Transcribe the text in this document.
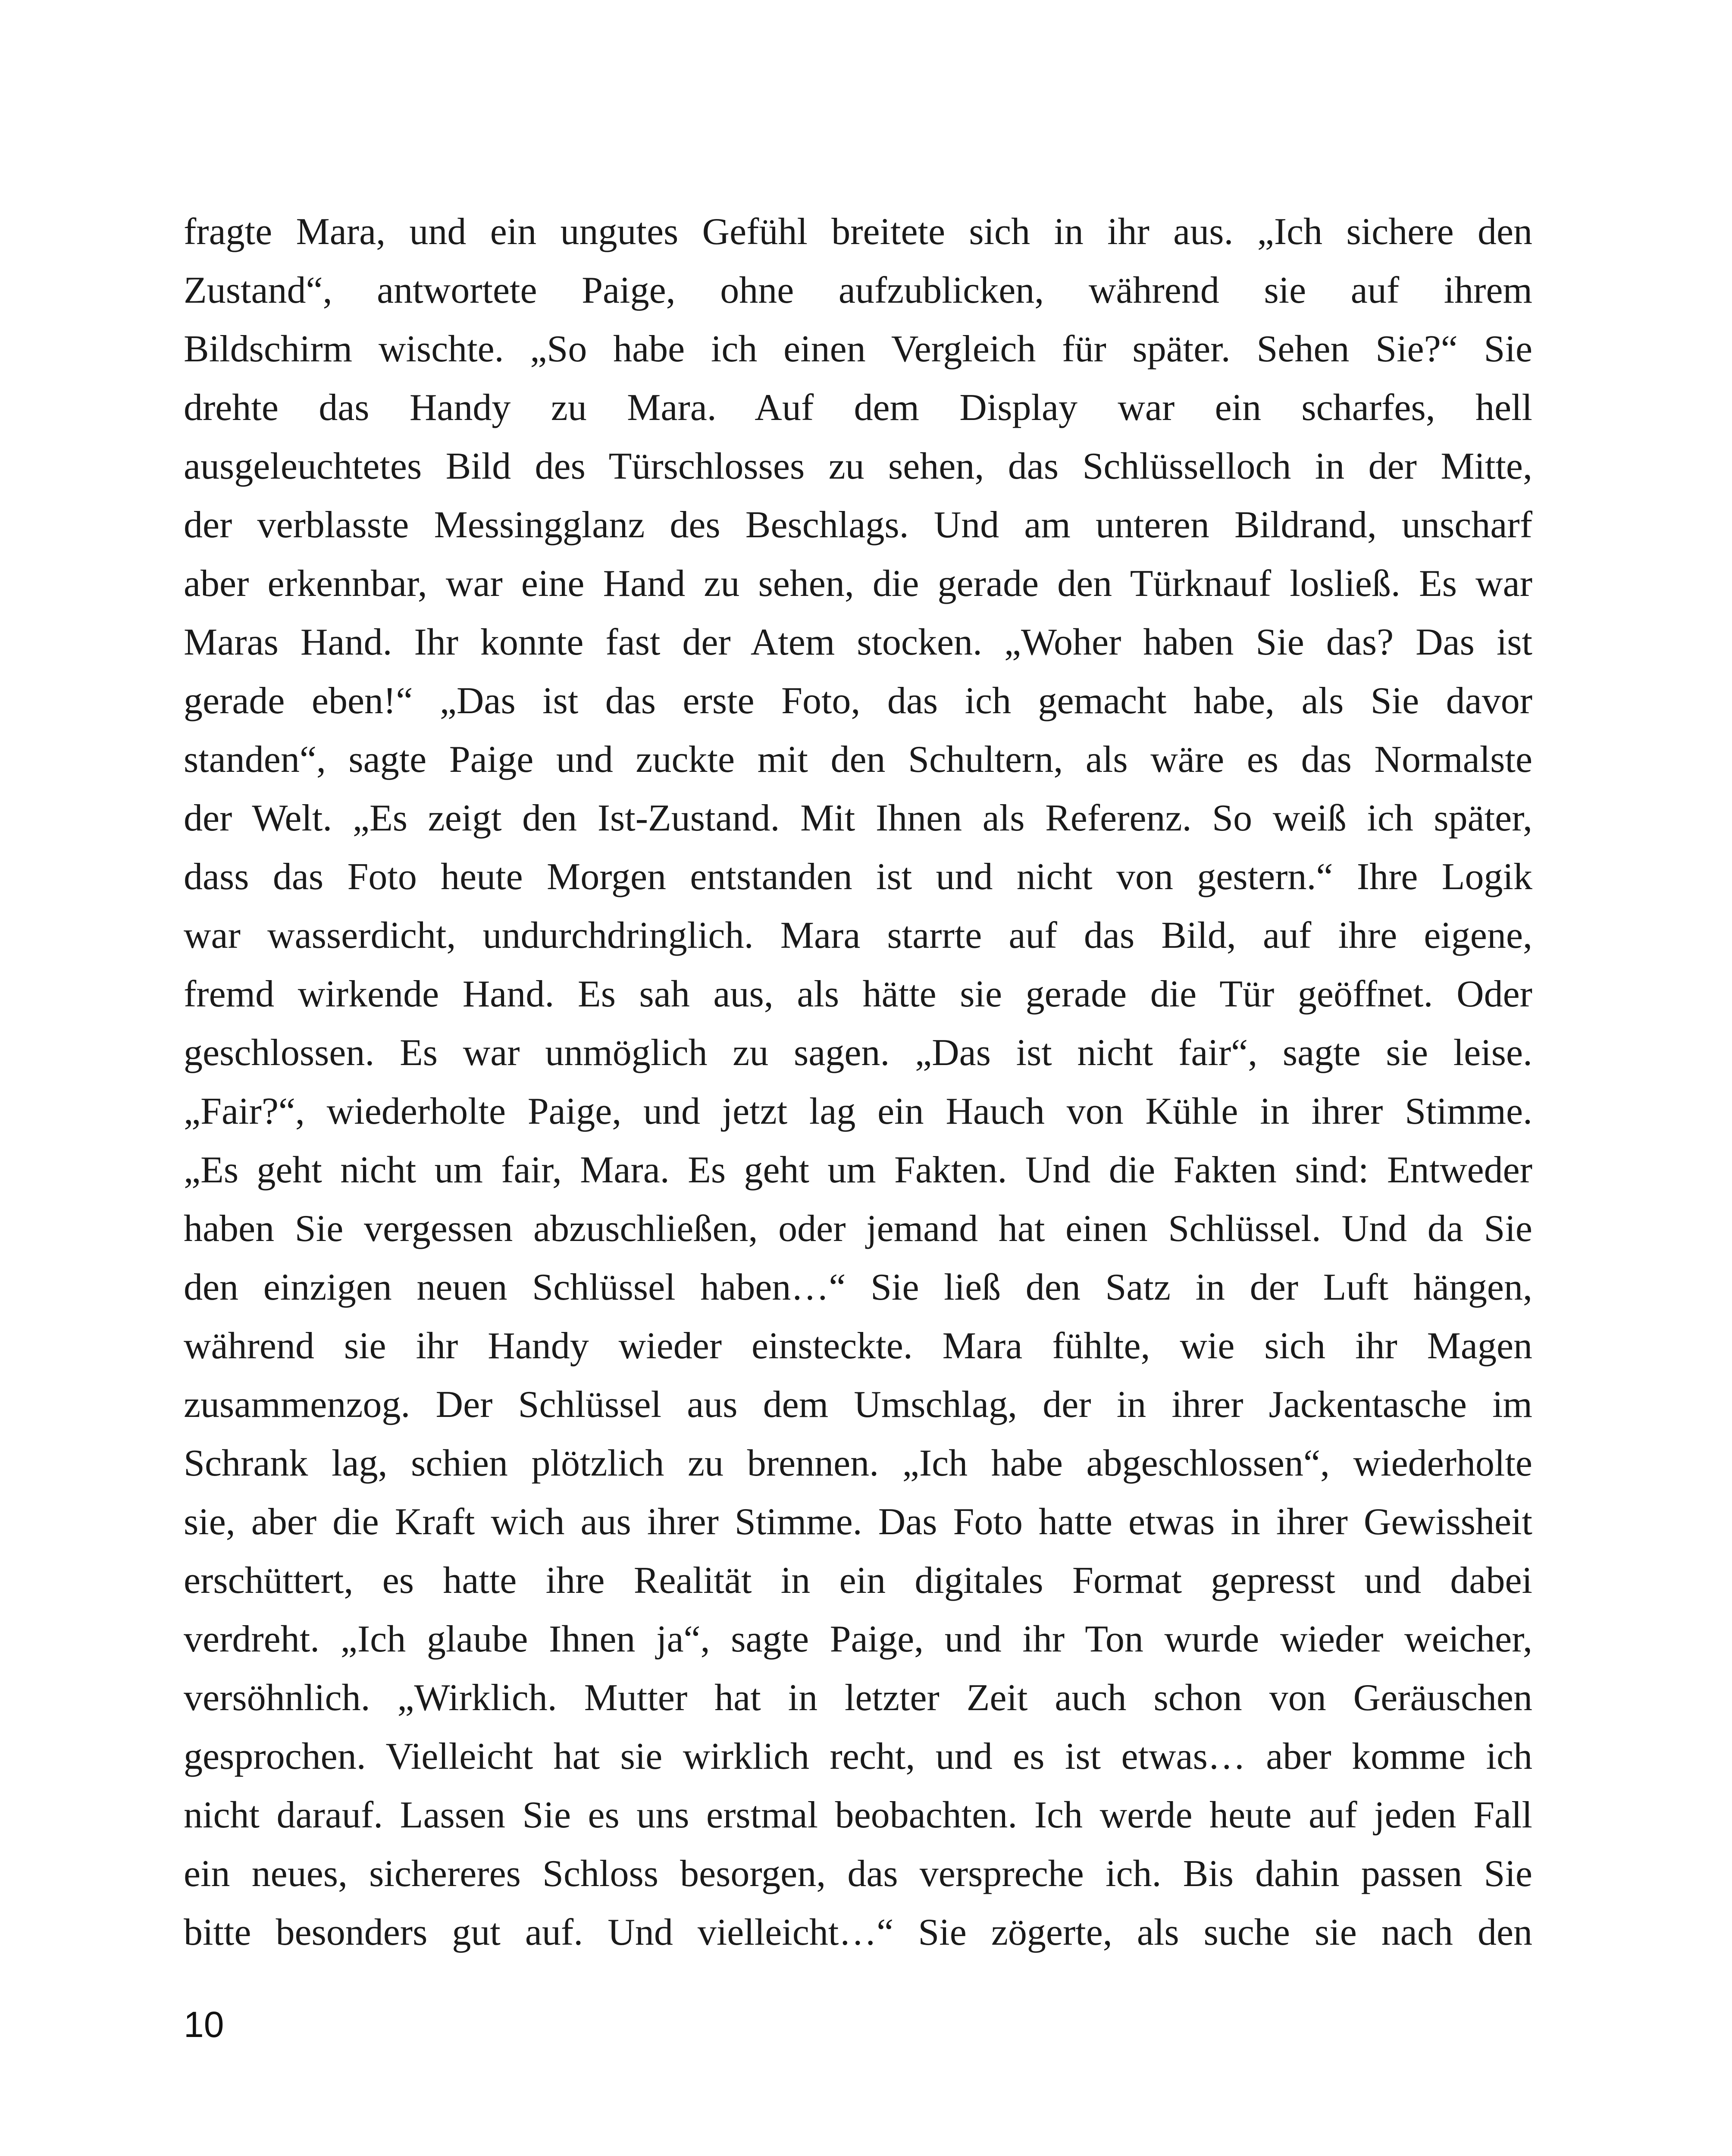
fragte Mara, und ein ungutes Gefühl breitete sich in ihr aus. „Ich sichere den
Zustand“, antwortete Paige, ohne aufzublicken, während sie auf ihrem
Bildschirm wischte. „So habe ich einen Vergleich für später. Sehen Sie?“ Sie
drehte das Handy zu Mara. Auf dem Display war ein scharfes, hell
ausgeleuchtetes Bild des Türschlosses zu sehen, das Schlüsselloch in der Mitte,
der verblasste Messingglanz des Beschlags. Und am unteren Bildrand, unscharf
aber erkennbar, war eine Hand zu sehen, die gerade den Türknauf losließ. Es war
Maras Hand. Ihr konnte fast der Atem stocken. „Woher haben Sie das? Das ist
gerade eben!“ „Das ist das erste Foto, das ich gemacht habe, als Sie davor
standen“, sagte Paige und zuckte mit den Schultern, als wäre es das Normalste
der Welt. „Es zeigt den Ist-Zustand. Mit Ihnen als Referenz. So weiß ich später,
dass das Foto heute Morgen entstanden ist und nicht von gestern.“ Ihre Logik
war wasserdicht, undurchdringlich. Mara starrte auf das Bild, auf ihre eigene,
fremd wirkende Hand. Es sah aus, als hätte sie gerade die Tür geöffnet. Oder
geschlossen. Es war unmöglich zu sagen. „Das ist nicht fair“, sagte sie leise.
„Fair?“, wiederholte Paige, und jetzt lag ein Hauch von Kühle in ihrer Stimme.
„Es geht nicht um fair, Mara. Es geht um Fakten. Und die Fakten sind: Entweder
haben Sie vergessen abzuschließen, oder jemand hat einen Schlüssel. Und da Sie
den einzigen neuen Schlüssel haben…“ Sie ließ den Satz in der Luft hängen,
während sie ihr Handy wieder einsteckte. Mara fühlte, wie sich ihr Magen
zusammenzog. Der Schlüssel aus dem Umschlag, der in ihrer Jackentasche im
Schrank lag, schien plötzlich zu brennen. „Ich habe abgeschlossen“, wiederholte
sie, aber die Kraft wich aus ihrer Stimme. Das Foto hatte etwas in ihrer Gewissheit
erschüttert, es hatte ihre Realität in ein digitales Format gepresst und dabei
verdreht. „Ich glaube Ihnen ja“, sagte Paige, und ihr Ton wurde wieder weicher,
versöhnlich. „Wirklich. Mutter hat in letzter Zeit auch schon von Geräuschen
gesprochen. Vielleicht hat sie wirklich recht, und es ist etwas… aber komme ich
nicht darauf. Lassen Sie es uns erstmal beobachten. Ich werde heute auf jeden Fall
ein neues, sichereres Schloss besorgen, das verspreche ich. Bis dahin passen Sie
bitte besonders gut auf. Und vielleicht…“ Sie zögerte, als suche sie nach den
10
